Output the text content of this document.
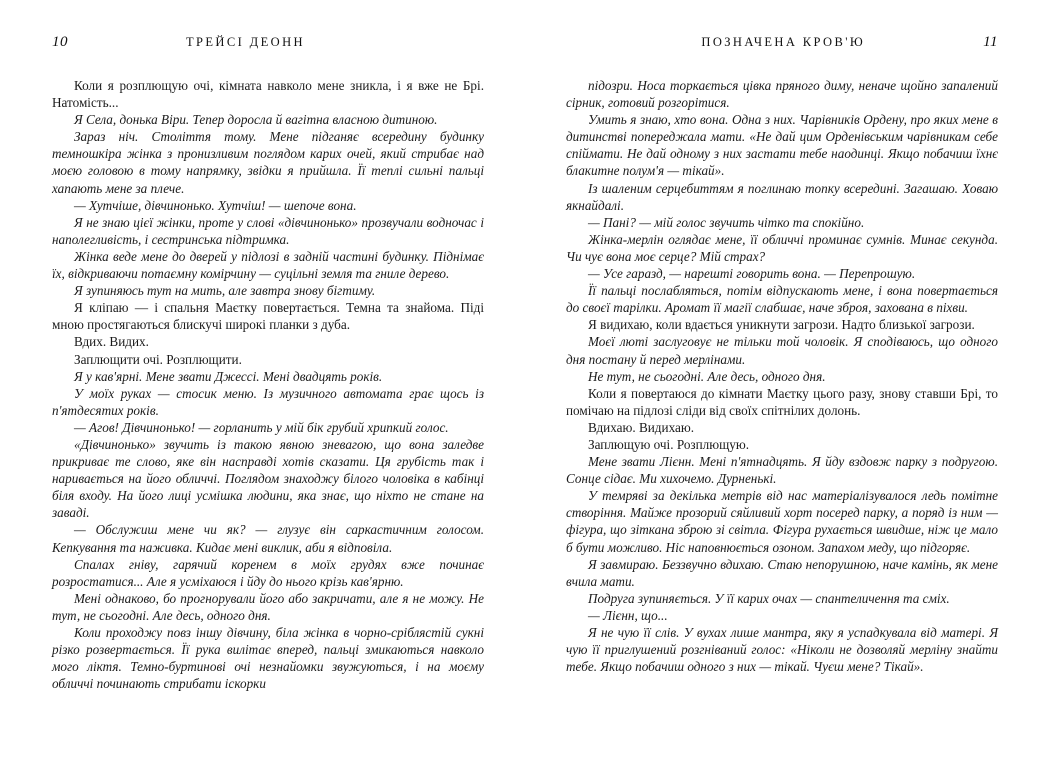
10	ТРЕЙСІ ДЕОНН	ПОЗНАЧЕНА КРОВ'Ю	11

Коли я розплющую очі, кімната навколо мене зникла, і я вже не Брі. Натомість...

Я Села, донька Віри. Тепер доросла й вагітна власною дитиною.

Зараз ніч. Століття тому. Мене підганяє всередину будинку темношкіра жінка з пронизливим поглядом карих очей, який стрибає над моєю головою в тому напрямку, звідки я прийшла. Її теплі сильні пальці хапають мене за плече.

— Хутчіше, дівчинонько. Хутчіш! — шепоче вона.

Я не знаю цієї жінки, проте у слові «дівчинонько» прозвучали водночас і наполегливість, і сестринська підтримка.

Жінка веде мене до дверей у підлозі в задній частині будинку. Піднімає їх, відкриваючи потаємну комірчину — суцільні земля та гниле дерево.

Я зупиняюсь тут на мить, але завтра знову бігтиму.

Я кліпаю — і спальня Маєтку повертається. Темна та знайома. Піді мною простягаються блискучі широкі планки з дуба.

Вдих. Видих.

Заплющити очі. Розплющити.

Я у кав'ярні. Мене звати Джессі. Мені двадцять років.

У моїх руках — стосик меню. Із музичного автомата грає щось із п'ятдесятих років.

— Агов! Дівчинонько! — горланить у мій бік грубий хрипкий голос.

«Дівчинонько» звучить із такою явною зневагою, що вона заледве прикриває те слово, яке він насправді хотів сказати. Ця грубість так і наривається на його обличчі. Поглядом знаходжу білого чоловіка в кабінці біля входу. На його лиці усмішка людини, яка знає, що ніхто не стане на заваді.

— Обслужиш мене чи як? — глузує він саркастичним голосом. Кепкування та наживка. Кидає мені виклик, аби я відповіла.

Спалах гніву, гарячий коренем в моїх грудях вже починає розростатися... Але я усміхаюся і йду до нього крізь кав'ярню.

Мені однаково, бо прогнорували його або закричати, але я не можу. Не тут, не сьогодні. Але десь, одного дня.

Коли проходжу повз іншу дівчину, біла жінка в чорно-сріблястій сукні різко розвертається. Її рука вилітає вперед, пальці змикаються навколо мого ліктя. Темно-буртинові очі незнайомки звужуються, і на моєму обличчі починають стрибати іскорки

підозри. Носа торкається цівка пряного диму, неначе щойно запалений сірник, готовий розгорітися.

Умить я знаю, хто вона. Одна з них. Чарівників Ордену, про яких мене в дитинстві попереджала мати. «Не дай цим Орденівським чарівникам себе спіймати. Не дай одному з них застати тебе наодинці. Якщо побачиш їхнє блакитне полум'я — тікай».

Із шаленим серцебиттям я поглинаю топку всередині. Загашаю. Ховаю якнайдалі.

— Пані? — мій голос звучить чітко та спокійно.

Жінка-мерлін оглядає мене, її обличчі проминає сумнів. Минає секунда. Чи чує вона моє серце? Мій страх?

— Усе гаразд, — нарешті говорить вона. — Перепрошую.

Її пальці послабляться, потім відпускають мене, і вона повертається до своєї тарілки. Аромат її магії слабшає, наче зброя, захована в піхви.

Я видихаю, коли вдається уникнути загрози. Надто близької загрози.

Моєї люті заслуговує не тільки той чоловік. Я сподіваюсь, що одного дня постану й перед мерлінами.

Не тут, не сьогодні. Але десь, одного дня.

Коли я повертаюся до кімнати Маєтку цього разу, знову ставши Брі, то помічаю на підлозі сліди від своїх спітнілих долонь.

Вдихаю. Видихаю.

Заплющую очі. Розплющую.

Мене звати Лієнн. Мені п'ятнадцять. Я йду вздовж парку з подругою. Сонце сідає. Ми хихочемо. Дурненькі.

У темряві за декілька метрів від нас матеріалізувалося ледь помітне створіння. Майже прозорий сяйливий хорт посеред парку, а поряд із ним — фігура, що зіткана зброю зі світла. Фігура рухається швидше, ніж це мало б бути можливо. Ніс наповнюється озоном. Запахом меду, що підгоряє.

Я завмираю. Беззвучно вдихаю. Стаю непорушною, наче камінь, як мене вчила мати.

Подруга зупиняється. У її карих очах — спантеличення та сміх.

— Лієнн, що...

Я не чую її слів. У вухах лише мантра, яку я успадкувала від матері. Я чую її приглушений розгніваний голос: «Ніколи не дозволяй мерліну знайти тебе. Якщо побачиш одного з них — тікай. Чуєш мене? Тікай».
